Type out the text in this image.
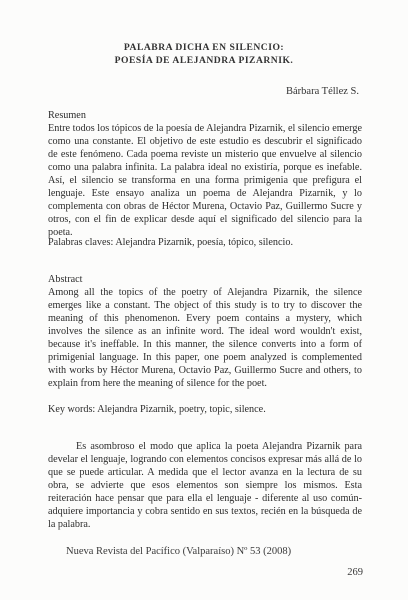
PALABRA DICHA EN SILENCIO:
POESÍA DE ALEJANDRA PIZARNIK.
Bárbara Téllez S.
Resumen

Entre todos los tópicos de la poesía de Alejandra Pizarnik, el silencio emerge como una constante. El objetivo de este estudio es descubrir el significado de este fenómeno. Cada poema reviste un misterio que envuelve al silencio como una palabra infinita. La palabra ideal no existiría, porque es inefable. Así, el silencio se transforma en una forma primigenia que prefigura el lenguaje. Este ensayo analiza un poema de Alejandra Pizarnik, y lo complementa con obras de Héctor Murena, Octavio Paz, Guillermo Sucre y otros, con el fin de explicar desde aquí el significado del silencio para la poeta.

Palabras claves: Alejandra Pizarnik, poesía, tópico, silencio.

Abstract

Among all the topics of the poetry of Alejandra Pizarnik, the silence emerges like a constant. The object of this study is to try to discover the meaning of this phenomenon. Every poem contains a mystery, which involves the silence as an infinite word. The ideal word wouldn't exist, because it's ineffable. In this manner, the silence converts into a form of primigenial language. In this paper, one poem analyzed is complemented with works by Héctor Murena, Octavio Paz, Guillermo Sucre and others, to explain from here the meaning of silence for the poet.

Key words: Alejandra Pizarnik, poetry, topic, silence.

Es asombroso el modo que aplica la poeta Alejandra Pizarnik para develar el lenguaje, logrando con elementos concisos expresar más allá de lo que se puede articular. A medida que el lector avanza en la lectura de su obra, se advierte que esos elementos son siempre los mismos. Esta reiteración hace pensar que para ella el lenguaje - diferente al uso común- adquiere importancia y cobra sentido en sus textos, recién en la búsqueda de la palabra.

Nueva Revista del Pacífico (Valparaíso) Nº 53 (2008)
269
